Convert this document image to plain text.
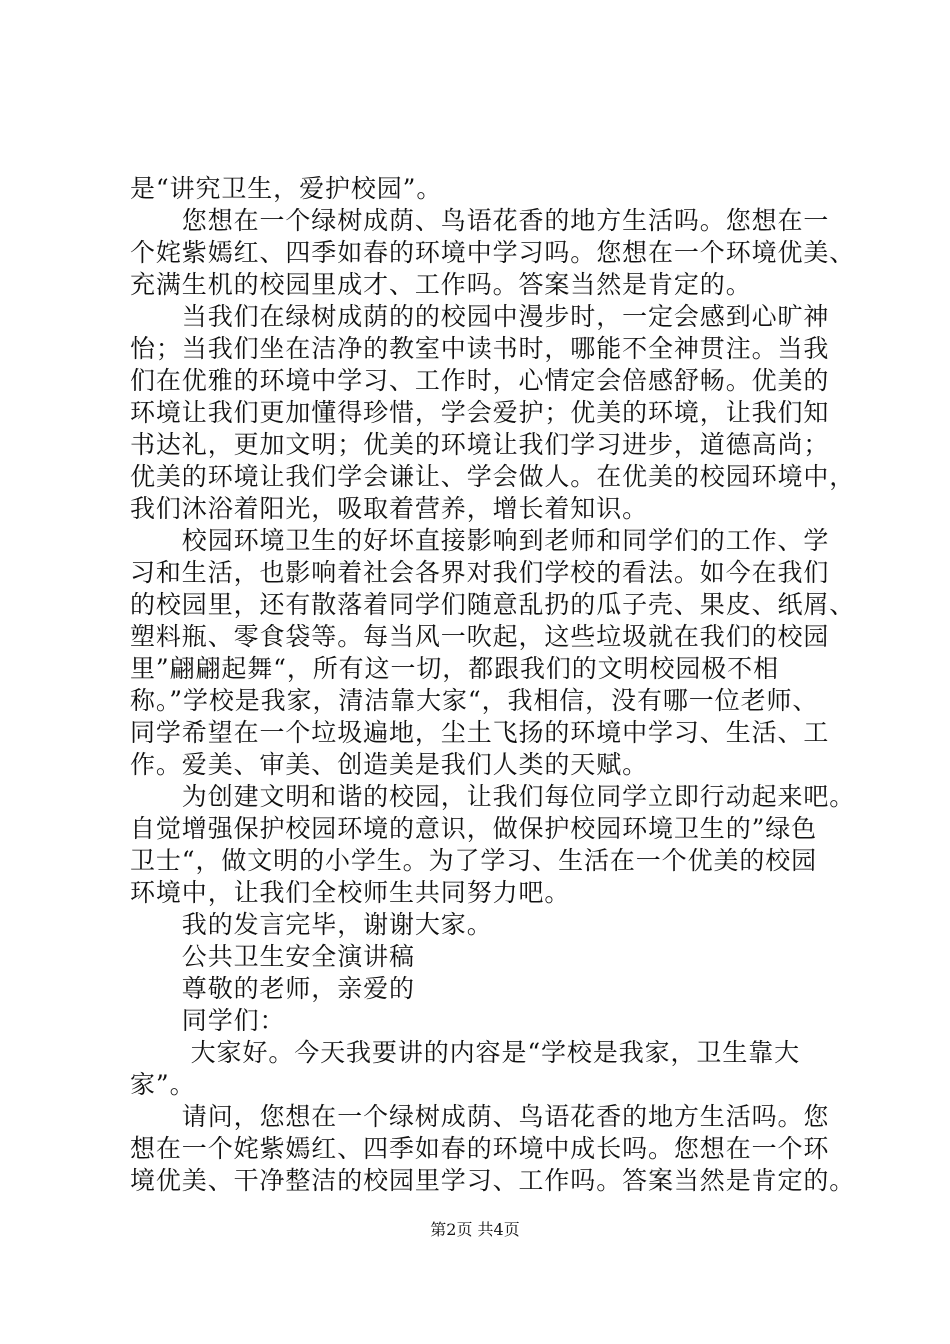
是“讲究卫生，爱护校园”。
　　您想在一个绿树成荫、鸟语花香的地方生活吗。您想在一
个姹紫嫣红、四季如春的环境中学习吗。您想在一个环境优美、
充满生机的校园里成才、工作吗。答案当然是肯定的。
　　当我们在绿树成荫的的校园中漫步时，一定会感到心旷神
怡；当我们坐在洁净的教室中读书时，哪能不全神贯注。当我
们在优雅的环境中学习、工作时，心情定会倍感舒畅。优美的
环境让我们更加懂得珍惜，学会爱护；优美的环境，让我们知
书达礼，更加文明；优美的环境让我们学习进步，道德高尚；
优美的环境让我们学会谦让、学会做人。在优美的校园环境中，
我们沐浴着阳光，吸取着营养，增长着知识。
　　校园环境卫生的好坏直接影响到老师和同学们的工作、学
习和生活，也影响着社会各界对我们学校的看法。如今在我们
的校园里，还有散落着同学们随意乱扔的瓜子壳、果皮、纸屑、
塑料瓶、零食袋等。每当风一吹起，这些垃圾就在我们的校园
里”翩翩起舞“，所有这一切，都跟我们的文明校园极不相
称。”学校是我家，清洁靠大家“，我相信，没有哪一位老师、
同学希望在一个垃圾遍地，尘土飞扬的环境中学习、生活、工
作。爱美、审美、创造美是我们人类的天赋。
　　为创建文明和谐的校园，让我们每位同学立即行动起来吧。
自觉增强保护校园环境的意识，做保护校园环境卫生的”绿色
卫士“，做文明的小学生。为了学习、生活在一个优美的校园
环境中，让我们全校师生共同努力吧。
　　我的发言完毕，谢谢大家。
　　公共卫生安全演讲稿
　　尊敬的老师，亲爱的
　　同学们：
　　 大家好。今天我要讲的内容是“学校是我家，卫生靠大
家”。
　　请问，您想在一个绿树成荫、鸟语花香的地方生活吗。您
想在一个姹紫嫣红、四季如春的环境中成长吗。您想在一个环
境优美、干净整洁的校园里学习、工作吗。答案当然是肯定的。
第2页 共4页
